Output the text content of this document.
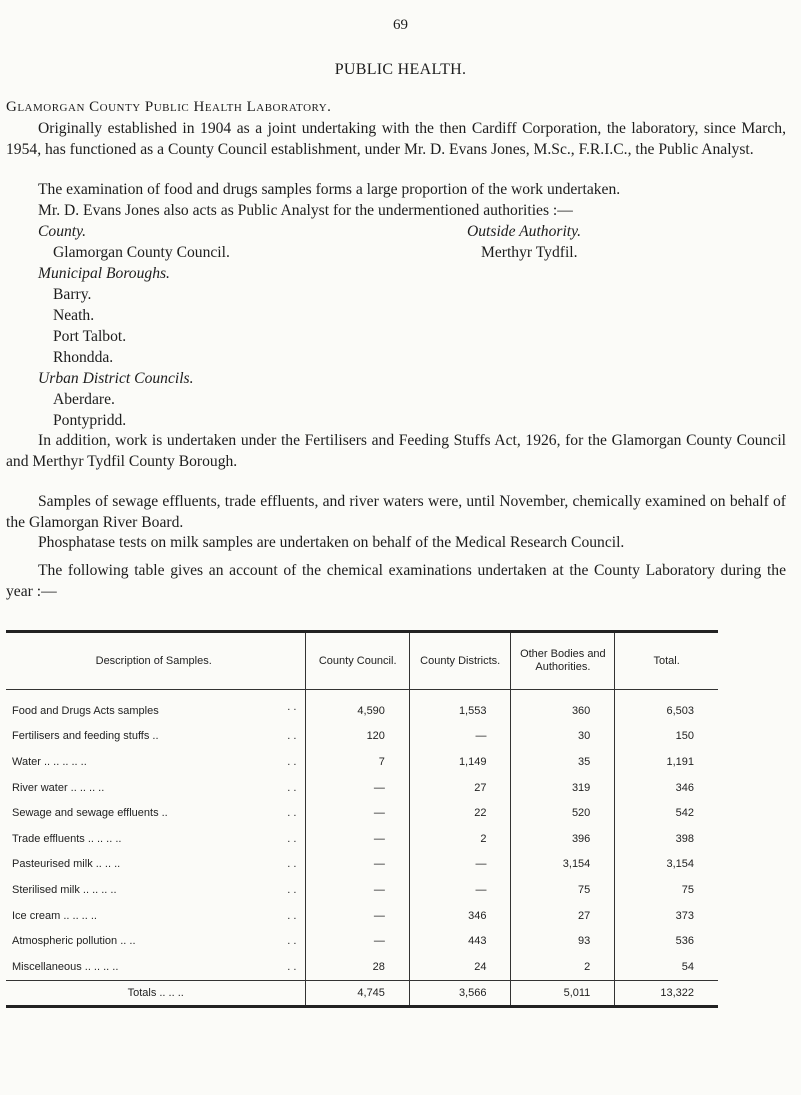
69
PUBLIC HEALTH.
Glamorgan County Public Health Laboratory.

Originally established in 1904 as a joint undertaking with the then Cardiff Corporation, the laboratory, since March, 1954, has functioned as a County Council establishment, under Mr. D. Evans Jones, M.Sc., F.R.I.C., the Public Analyst.

The examination of food and drugs samples forms a large proportion of the work undertaken.
Mr. D. Evans Jones also acts as Public Analyst for the undermentioned authorities :—
County.
Glamorgan County Council.
Outside Authority.
Merthyr Tydfil.
Municipal Boroughs.
Barry.
Neath.
Port Talbot.
Rhondda.
Urban District Councils.
Aberdare.
Pontypridd.

In addition, work is undertaken under the Fertilisers and Feeding Stuffs Act, 1926, for the Glamorgan County Council and Merthyr Tydfil County Borough.

Samples of sewage effluents, trade effluents, and river waters were, until November, chemically examined on behalf of the Glamorgan River Board.

Phosphatase tests on milk samples are undertaken on behalf of the Medical Research Council.

The following table gives an account of the chemical examinations undertaken at the County Laboratory during the year :—

Description of Samples.	County Council.	County Districts.	Other Bodies and Authorities.	Total.
Food and Drugs Acts samples ..	4,590	1,553	360	6,503
Fertilisers and feeding stuffs .. ..	120	—	30	150
Water .. .. .. .. .. ..	7	1,149	35	1,191
River water .. .. .. .. ..	—	27	319	346
Sewage and sewage effluents .. ..	—	22	520	542
Trade effluents .. .. .. .. ..	—	2	396	398
Pasteurised milk .. .. .. ..	—	—	3,154	3,154
Sterilised milk .. .. .. .. ..	—	—	75	75
Ice cream .. .. .. .. ..	—	346	27	373
Atmospheric pollution .. .. ..	—	443	93	536
Miscellaneous .. .. .. .. ..	28	24	2	54
Totals .. .. ..	4,745	3,566	5,011	13,322
